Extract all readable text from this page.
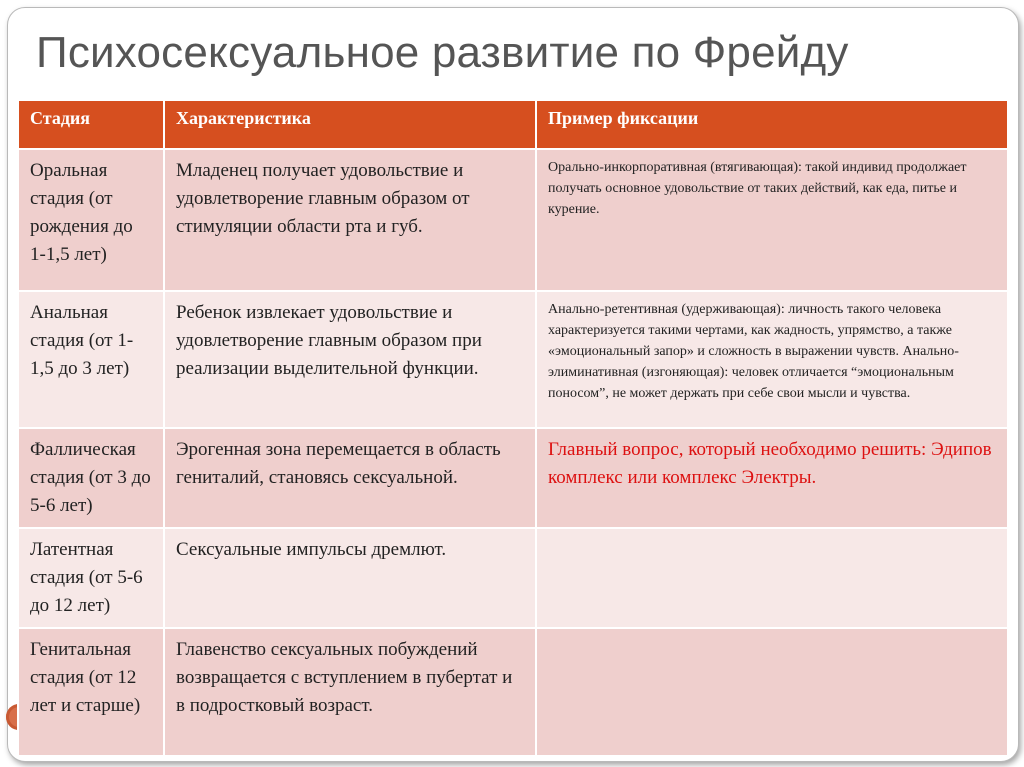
Психосексуальное развитие по Фрейду
Стадия	Характеристика	Пример фиксации
Оральная стадия (от рождения до 1-1,5 лет)	Младенец получает удовольствие и удовлетворение главным образом от стимуляции области рта и губ.	Орально-инкорпоративная (втягивающая): такой индивид продолжает получать основное удовольствие от таких действий, как еда, питье и курение.
Анальная стадия (от 1-1,5 до 3 лет)	Ребенок извлекает удовольствие и удовлетворение главным образом при реализации выделительной функции.	Анально-ретентивная (удерживающая): личность такого человека характеризуется такими чертами, как жадность, упрямство, а также «эмоциональный запор» и сложность в выражении чувств. Анально-элиминативная (изгоняющая): человек отличается “эмоциональным поносом”, не может держать при себе свои мысли и чувства.
Фаллическая стадия (от 3 до 5-6 лет)	Эрогенная зона перемещается в область гениталий, становясь сексуальной.	Главный вопрос, который необходимо решить: Эдипов комплекс или комплекс Электры.
Латентная стадия (от 5-6 до 12 лет)	Сексуальные импульсы дремлют.	
Генитальная стадия (от 12 лет и старше)	Главенство сексуальных побуждений возвращается с вступлением в пубертат и в подростковый возраст.	
